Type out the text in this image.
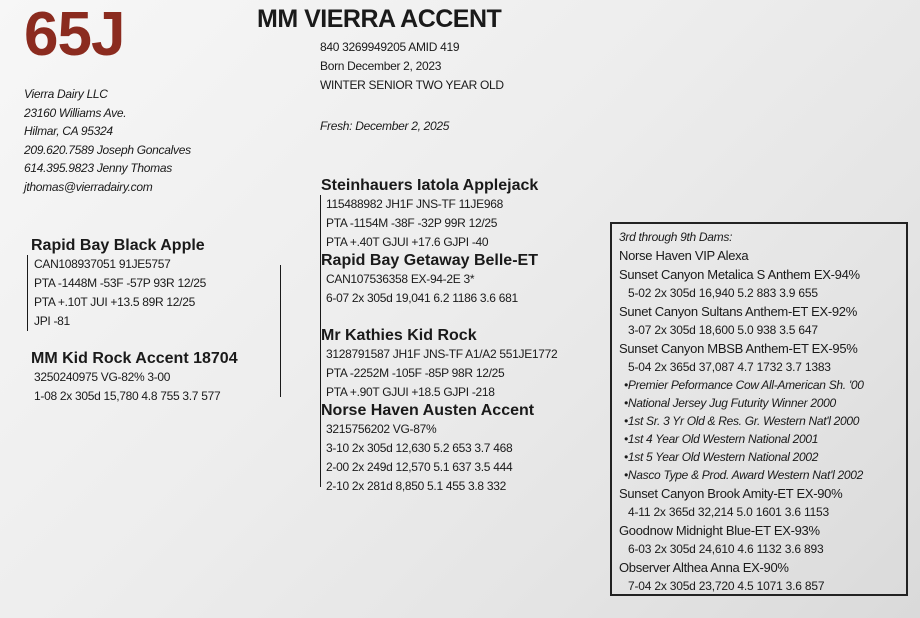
65J	MM VIERRA ACCENT
840 3269949205 AMID 419
Born December 2, 2023
WINTER SENIOR TWO YEAR OLD
Fresh: December 2, 2025
Vierra Dairy LLC
23160 Williams Ave.
Hilmar, CA 95324
209.620.7589 Joseph Goncalves
614.395.9823 Jenny Thomas
jthomas@vierradairy.com
Rapid Bay Black Apple
CAN108937051 91JE5757
PTA -1448M -53F -57P 93R 12/25
PTA +.10T JUI +13.5 89R 12/25
JPI -81
MM Kid Rock Accent 18704
3250240975 VG-82% 3-00
1-08 2x 305d 15,780 4.8 755 3.7 577
Steinhauers Iatola Applejack
115488982 JH1F JNS-TF 11JE968
PTA -1154M -38F -32P 99R 12/25
PTA +.40T GJUI +17.6 GJPI -40
Rapid Bay Getaway Belle-ET
CAN107536358 EX-94-2E 3*
6-07 2x 305d 19,041 6.2 1186 3.6 681
Mr Kathies Kid Rock
3128791587 JH1F JNS-TF A1/A2 551JE1772
PTA -2252M -105F -85P 98R 12/25
PTA +.90T GJUI +18.5 GJPI -218
Norse Haven Austen Accent
3215756202 VG-87%
3-10 2x 305d 12,630 5.2 653 3.7 468
2-00 2x 249d 12,570 5.1 637 3.5 444
2-10 2x 281d 8,850 5.1 455 3.8 332
3rd through 9th Dams:
Norse Haven VIP Alexa
Sunset Canyon Metalica S Anthem EX-94%
5-02 2x 305d 16,940 5.2 883 3.9 655
Sunet Canyon Sultans Anthem-ET EX-92%
3-07 2x 305d 18,600 5.0 938 3.5 647
Sunset Canyon MBSB Anthem-ET EX-95%
5-04 2x 365d 37,087 4.7 1732 3.7 1383
•Premier Peformance Cow All-American Sh. '00
•National Jersey Jug Futurity Winner 2000
•1st Sr. 3 Yr Old & Res. Gr. Western Nat'l 2000
•1st 4 Year Old Western National 2001
•1st 5 Year Old Western National 2002
•Nasco Type & Prod. Award Western Nat'l 2002
Sunset Canyon Brook Amity-ET EX-90%
4-11 2x 365d 32,214 5.0 1601 3.6 1153
Goodnow Midnight Blue-ET EX-93%
6-03 2x 305d 24,610 4.6 1132 3.6 893
Observer Althea Anna EX-90%
7-04 2x 305d 23,720 4.5 1071 3.6 857
